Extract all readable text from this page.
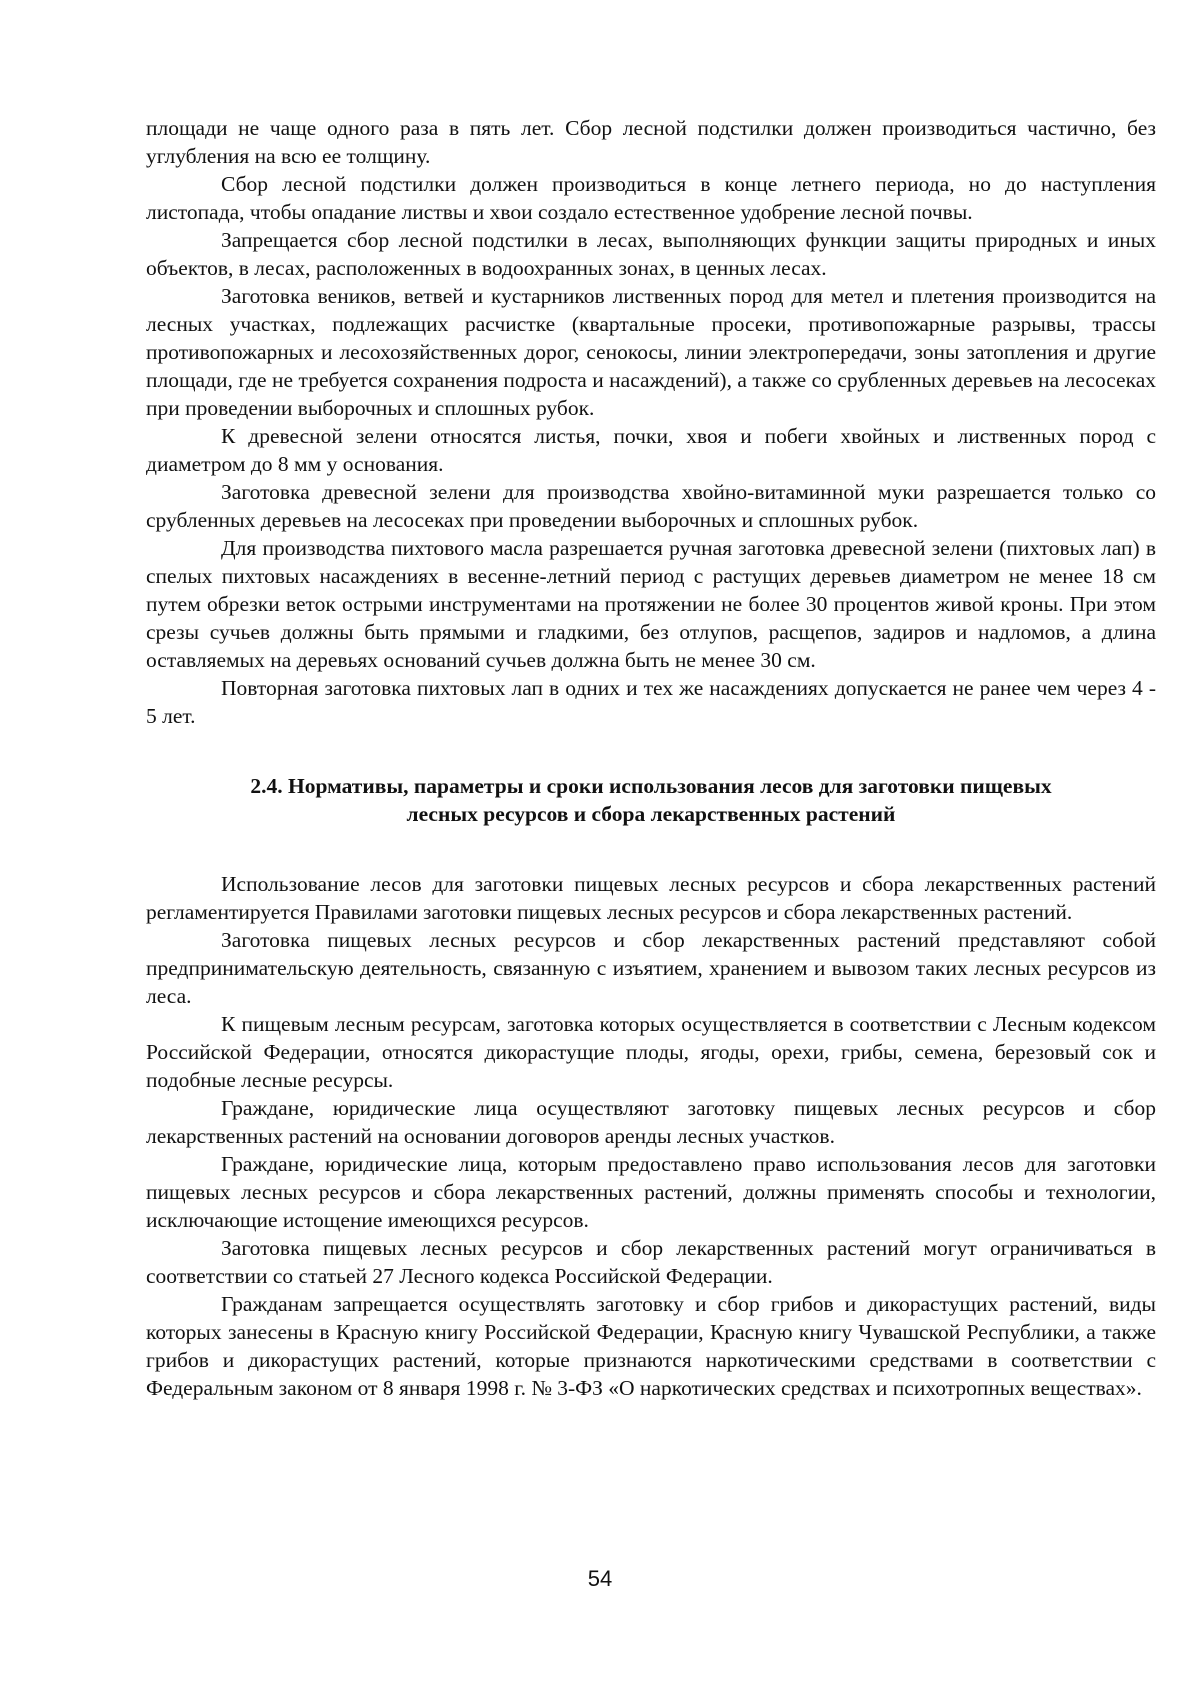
площади не чаще одного раза в пять лет. Сбор лесной подстилки должен производиться частично, без углубления на всю ее толщину.

Сбор лесной подстилки должен производиться в конце летнего периода, но до наступления листопада, чтобы опадание листвы и хвои создало естественное удобрение лесной почвы.

Запрещается сбор лесной подстилки в лесах, выполняющих функции защиты природных и иных объектов, в лесах, расположенных в водоохранных зонах, в ценных лесах.

Заготовка веников, ветвей и кустарников лиственных пород для метел и плетения производится на лесных участках, подлежащих расчистке (квартальные просеки, противопожарные разрывы, трассы противопожарных и лесохозяйственных дорог, сенокосы, линии электропередачи, зоны затопления и другие площади, где не требуется сохранения подроста и насаждений), а также со срубленных деревьев на лесосеках при проведении выборочных и сплошных рубок.

К древесной зелени относятся листья, почки, хвоя и побеги хвойных и лиственных пород с диаметром до 8 мм у основания.

Заготовка древесной зелени для производства хвойно-витаминной муки разрешается только со срубленных деревьев на лесосеках при проведении выборочных и сплошных рубок.

Для производства пихтового масла разрешается ручная заготовка древесной зелени (пихтовых лап) в спелых пихтовых насаждениях в весенне-летний период с растущих деревьев диаметром не менее 18 см путем обрезки веток острыми инструментами на протяжении не более 30 процентов живой кроны. При этом срезы сучьев должны быть прямыми и гладкими, без отлупов, расщепов, задиров и надломов, а длина оставляемых на деревьях оснований сучьев должна быть не менее 30 см.

Повторная заготовка пихтовых лап в одних и тех же насаждениях допускается не ранее чем через 4 - 5 лет.

2.4. Нормативы, параметры и сроки использования лесов для заготовки пищевых
лесных ресурсов и сбора лекарственных растений

Использование лесов для заготовки пищевых лесных ресурсов и сбора лекарственных растений регламентируется Правилами заготовки пищевых лесных ресурсов и сбора лекарственных растений.

Заготовка пищевых лесных ресурсов и сбор лекарственных растений представляют собой предпринимательскую деятельность, связанную с изъятием, хранением и вывозом таких лесных ресурсов из леса.

К пищевым лесным ресурсам, заготовка которых осуществляется в соответствии с Лесным кодексом Российской Федерации, относятся дикорастущие плоды, ягоды, орехи, грибы, семена, березовый сок и подобные лесные ресурсы.

Граждане, юридические лица осуществляют заготовку пищевых лесных ресурсов и сбор лекарственных растений на основании договоров аренды лесных участков.

Граждане, юридические лица, которым предоставлено право использования лесов для заготовки пищевых лесных ресурсов и сбора лекарственных растений, должны применять способы и технологии, исключающие истощение имеющихся ресурсов.

Заготовка пищевых лесных ресурсов и сбор лекарственных растений могут ограничиваться в соответствии со статьей 27 Лесного кодекса Российской Федерации.

Гражданам запрещается осуществлять заготовку и сбор грибов и дикорастущих растений, виды которых занесены в Красную книгу Российской Федерации, Красную книгу Чувашской Республики, а также грибов и дикорастущих растений, которые признаются наркотическими средствами в соответствии с Федеральным законом от 8 января 1998 г. № 3-ФЗ «О наркотических средствах и психотропных веществах».

54
